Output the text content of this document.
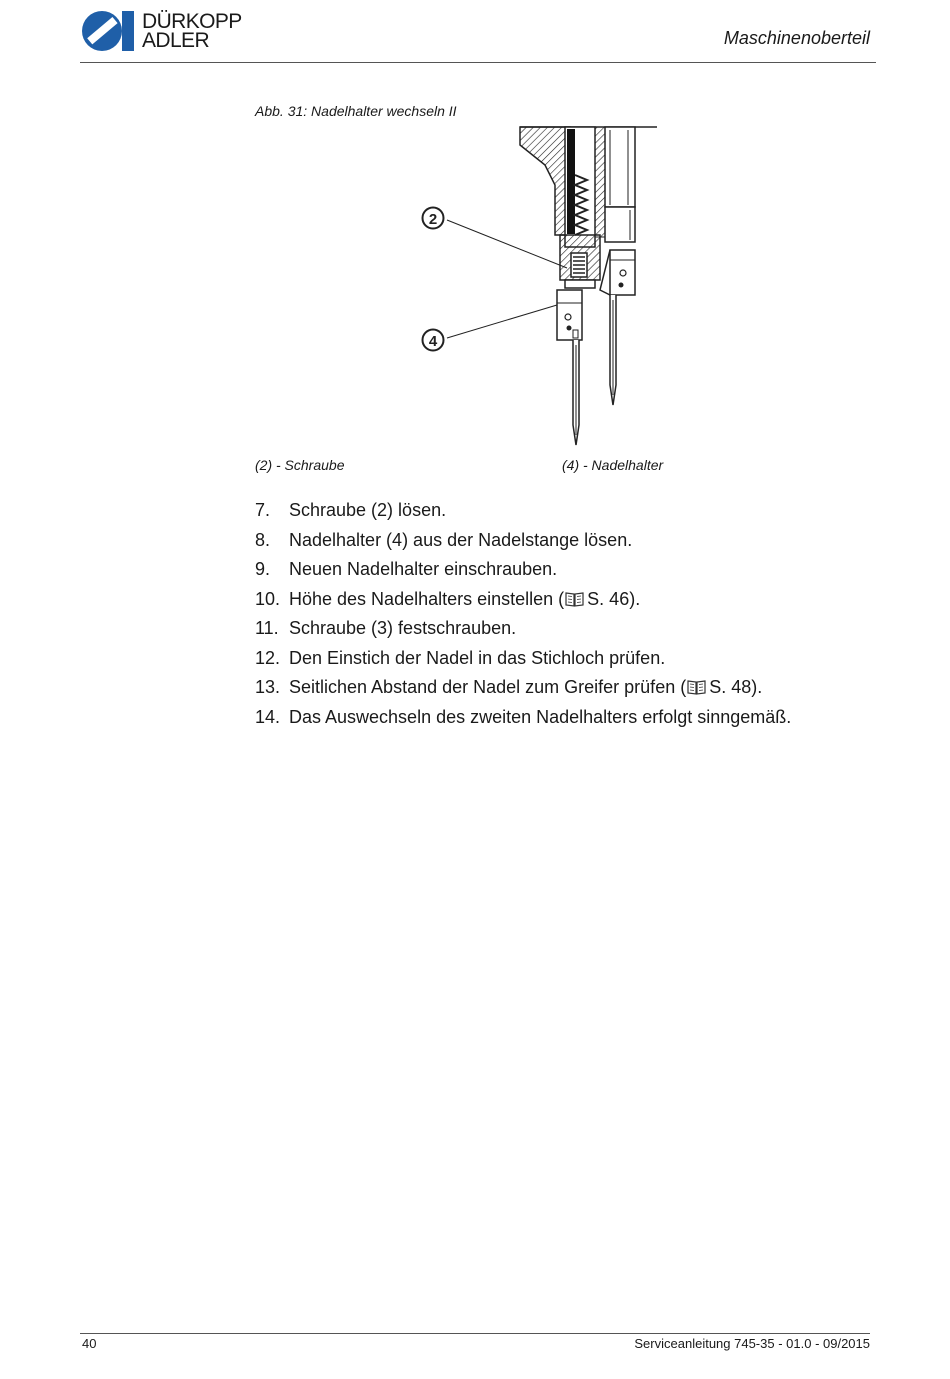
DÜRKOPP
ADLER	Maschinenoberteil
Abb. 31: Nadelhalter wechseln II
2
4
(2) - Schraube	(4) - Nadelhalter
7.	Schraube (2) lösen.
8.	Nadelhalter (4) aus der Nadelstange lösen.
9.	Neuen Nadelhalter einschrauben.
10. Höhe des Nadelhalters einstellen ( S. 46).
11. Schraube (3) festschrauben.
12. Den Einstich der Nadel in das Stichloch prüfen.
13. Seitlichen Abstand der Nadel zum Greifer prüfen ( S. 48).
14. Das Auswechseln des zweiten Nadelhalters erfolgt sinngemäß.
40	Serviceanleitung 745-35 - 01.0 - 09/2015
